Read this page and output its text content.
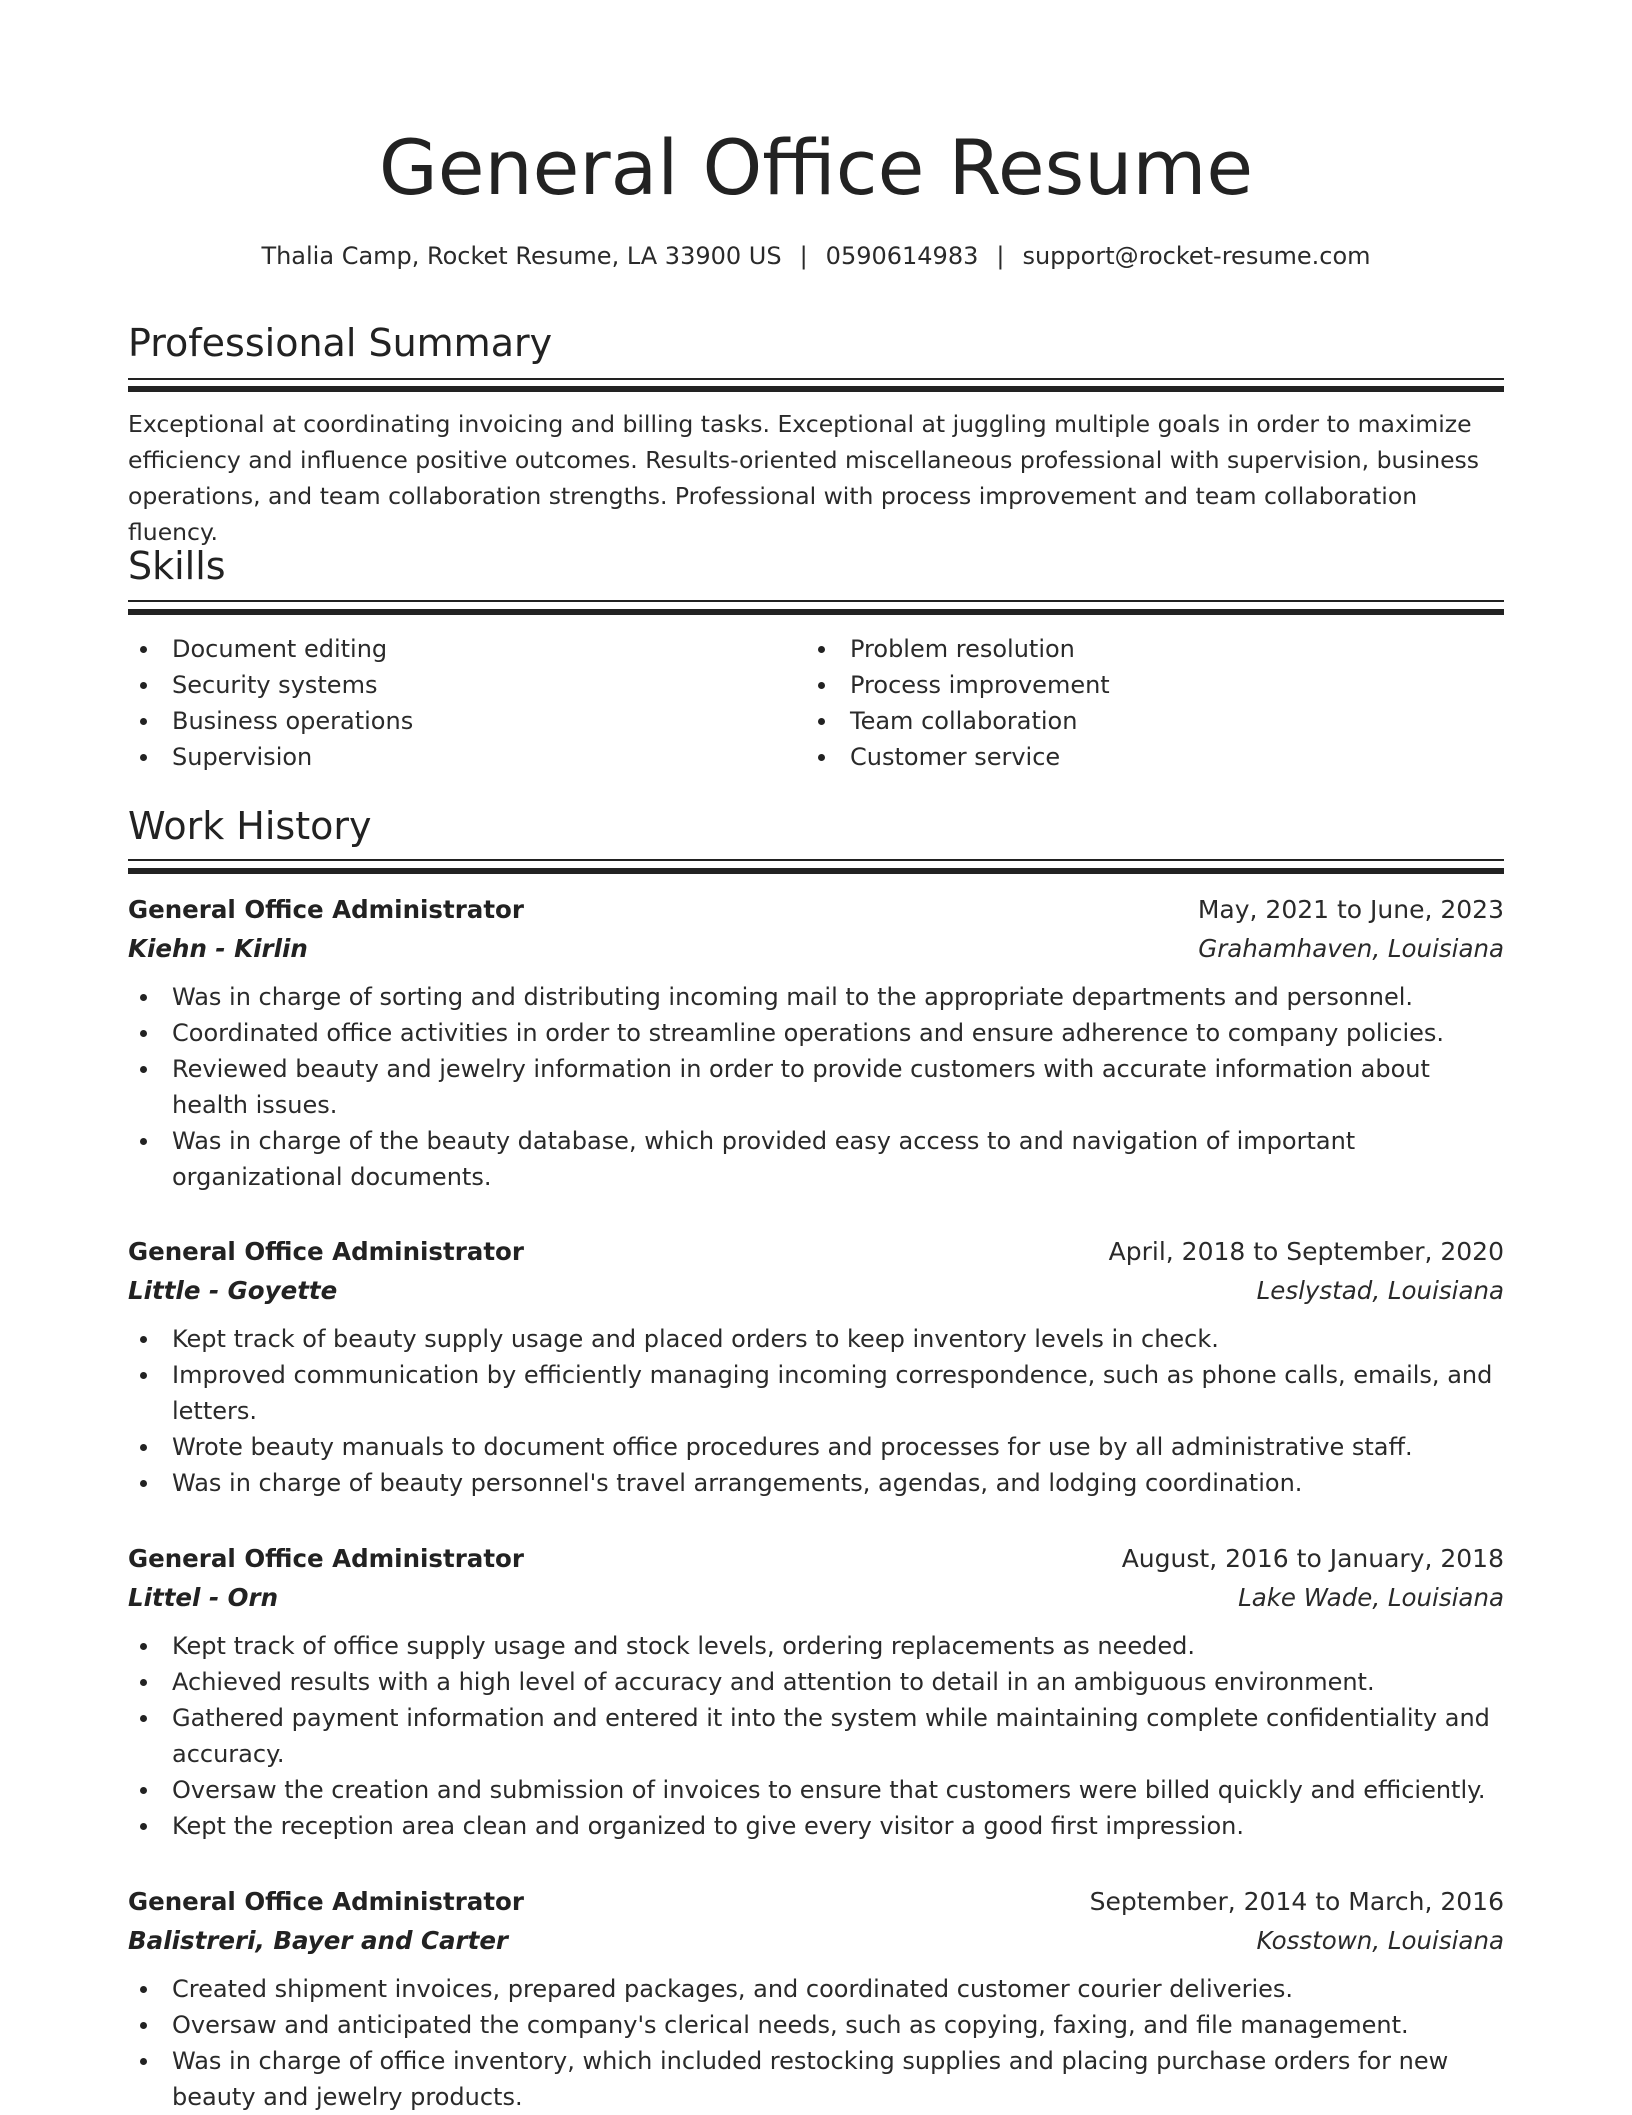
General Office Resume
Thalia Camp, Rocket Resume, LA 33900 US | 0590614983 | support@rocket-resume.com
Professional Summary

Exceptional at coordinating invoicing and billing tasks. Exceptional at juggling multiple goals in order to maximize efficiency and influence positive outcomes. Results-oriented miscellaneous professional with supervision, business operations, and team collaboration strengths. Professional with process improvement and team collaboration fluency.

Skills
Document editing
Security systems
Business operations
Supervision
Problem resolution
Process improvement
Team collaboration
Customer service
Work History
General Office Administrator	May, 2021 to June, 2023
Kiehn - Kirlin	Grahamhaven, Louisiana
Was in charge of sorting and distributing incoming mail to the appropriate departments and personnel.
Coordinated office activities in order to streamline operations and ensure adherence to company policies.
Reviewed beauty and jewelry information in order to provide customers with accurate information about health issues.
Was in charge of the beauty database, which provided easy access to and navigation of important organizational documents.
General Office Administrator	April, 2018 to September, 2020
Little - Goyette	Leslystad, Louisiana
Kept track of beauty supply usage and placed orders to keep inventory levels in check.
Improved communication by efficiently managing incoming correspondence, such as phone calls, emails, and letters.
Wrote beauty manuals to document office procedures and processes for use by all administrative staff.
Was in charge of beauty personnel's travel arrangements, agendas, and lodging coordination.
General Office Administrator	August, 2016 to January, 2018
Littel - Orn	Lake Wade, Louisiana
Kept track of office supply usage and stock levels, ordering replacements as needed.
Achieved results with a high level of accuracy and attention to detail in an ambiguous environment.
Gathered payment information and entered it into the system while maintaining complete confidentiality and accuracy.
Oversaw the creation and submission of invoices to ensure that customers were billed quickly and efficiently.
Kept the reception area clean and organized to give every visitor a good first impression.
General Office Administrator	September, 2014 to March, 2016
Balistreri, Bayer and Carter	Kosstown, Louisiana
Created shipment invoices, prepared packages, and coordinated customer courier deliveries.
Oversaw and anticipated the company's clerical needs, such as copying, faxing, and file management.
Was in charge of office inventory, which included restocking supplies and placing purchase orders for new beauty and jewelry products.
